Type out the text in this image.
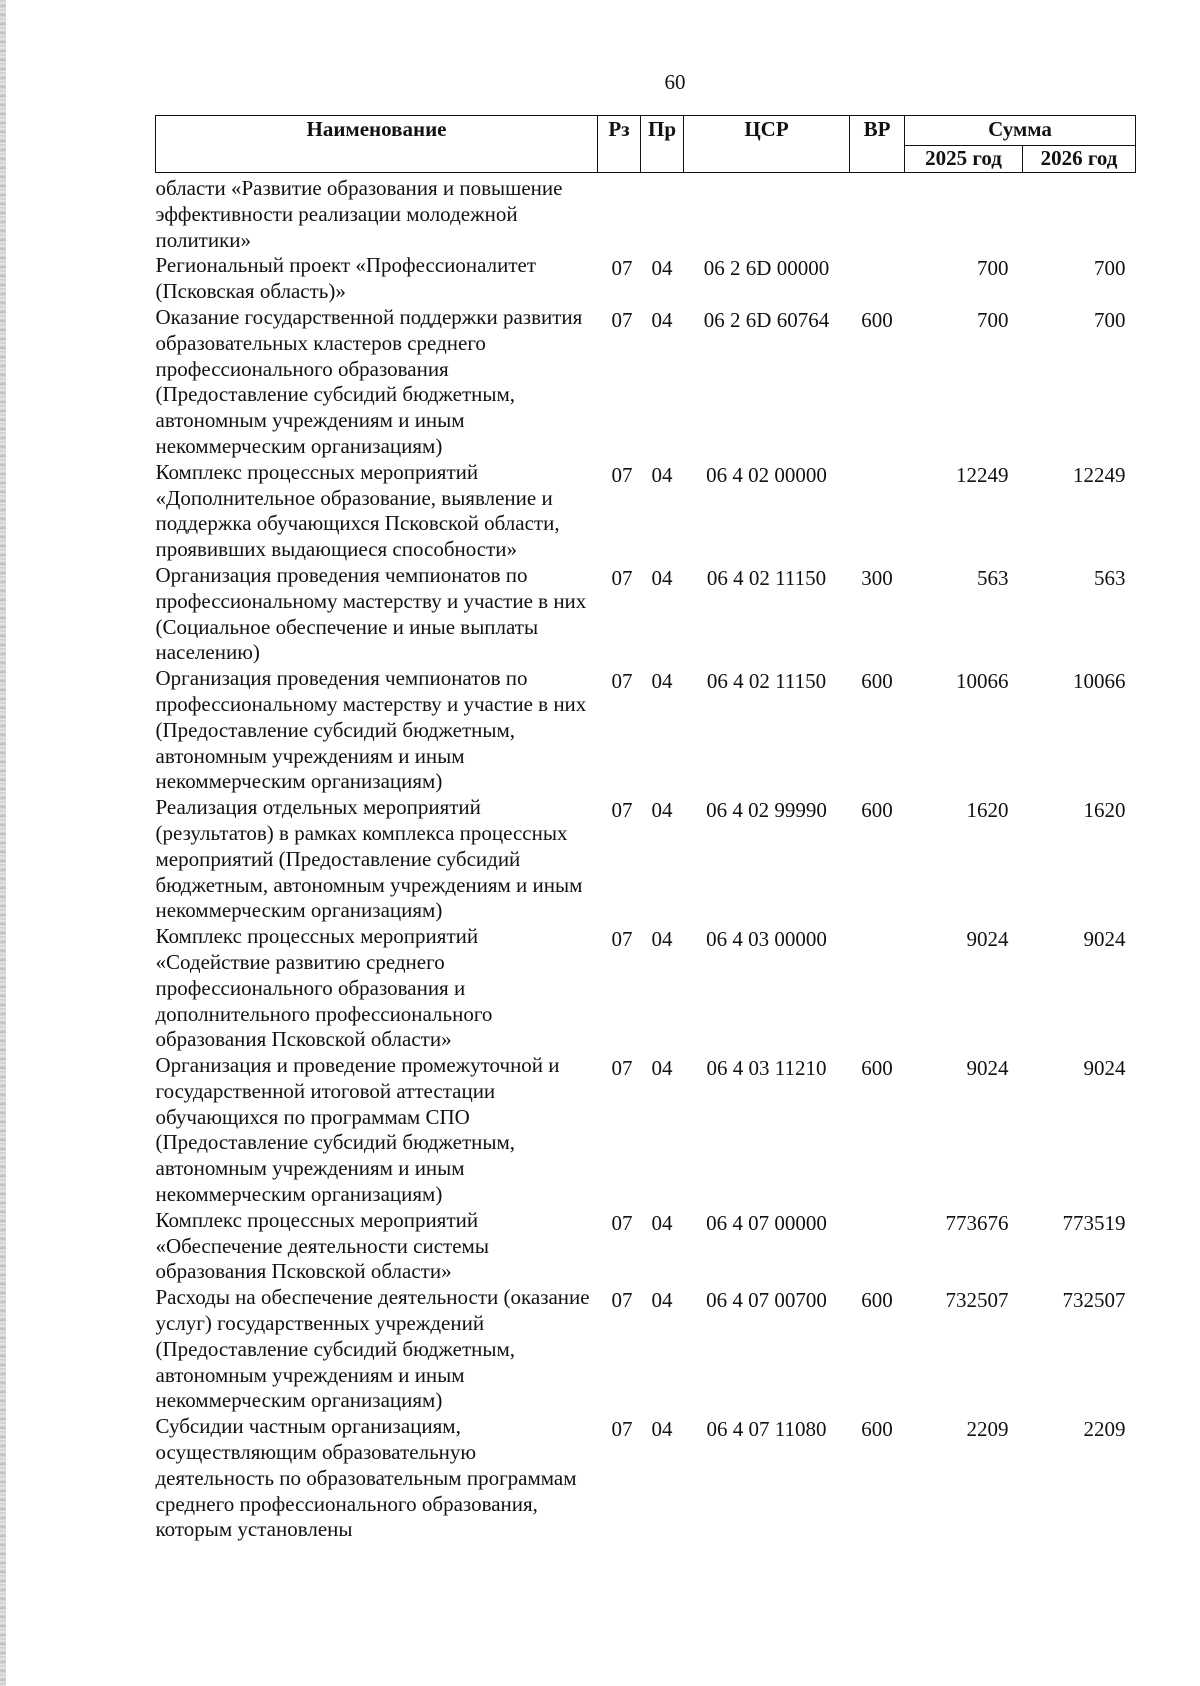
60
Наименование	Рз	Пр	ЦСР	ВР	Сумма	
					2025 год	2026 год
области «Развитие образования и повышение эффективности реализации молодежной политики»						
Региональный проект «Профессионалитет (Псковская область)»	07	04	06 2 6D 00000		700	700
Оказание государственной поддержки развития образовательных кластеров среднего профессионального образования (Предоставление субсидий бюджетным, автономным учреждениям и иным некоммерческим организациям)	07	04	06 2 6D 60764	600	700	700
Комплекс процессных мероприятий «Дополнительное образование, выявление и поддержка обучающихся Псковской области, проявивших выдающиеся способности»	07	04	06 4 02 00000		12249	12249
Организация проведения чемпионатов по профессиональному мастерству и участие в них (Социальное обеспечение и иные выплаты населению)	07	04	06 4 02 11150	300	563	563
Организация проведения чемпионатов по профессиональному мастерству и участие в них (Предоставление субсидий бюджетным, автономным учреждениям и иным некоммерческим организациям)	07	04	06 4 02 11150	600	10066	10066
Реализация отдельных мероприятий (результатов) в рамках комплекса процессных мероприятий (Предоставление субсидий бюджетным, автономным учреждениям и иным некоммерческим организациям)	07	04	06 4 02 99990	600	1620	1620
Комплекс процессных мероприятий «Содействие развитию среднего профессионального образования и дополнительного профессионального образования Псковской области»	07	04	06 4 03 00000		9024	9024
Организация и проведение промежуточной и государственной итоговой аттестации обучающихся по программам СПО (Предоставление субсидий бюджетным, автономным учреждениям и иным некоммерческим организациям)	07	04	06 4 03 11210	600	9024	9024
Комплекс процессных мероприятий «Обеспечение деятельности системы образования Псковской области»	07	04	06 4 07 00000		773676	773519
Расходы на обеспечение деятельности (оказание услуг) государственных учреждений (Предоставление субсидий бюджетным, автономным учреждениям и иным некоммерческим организациям)	07	04	06 4 07 00700	600	732507	732507
Субсидии частным организациям, осуществляющим образовательную деятельность по образовательным программам среднего профессионального образования, которым установлены	07	04	06 4 07 11080	600	2209	2209
